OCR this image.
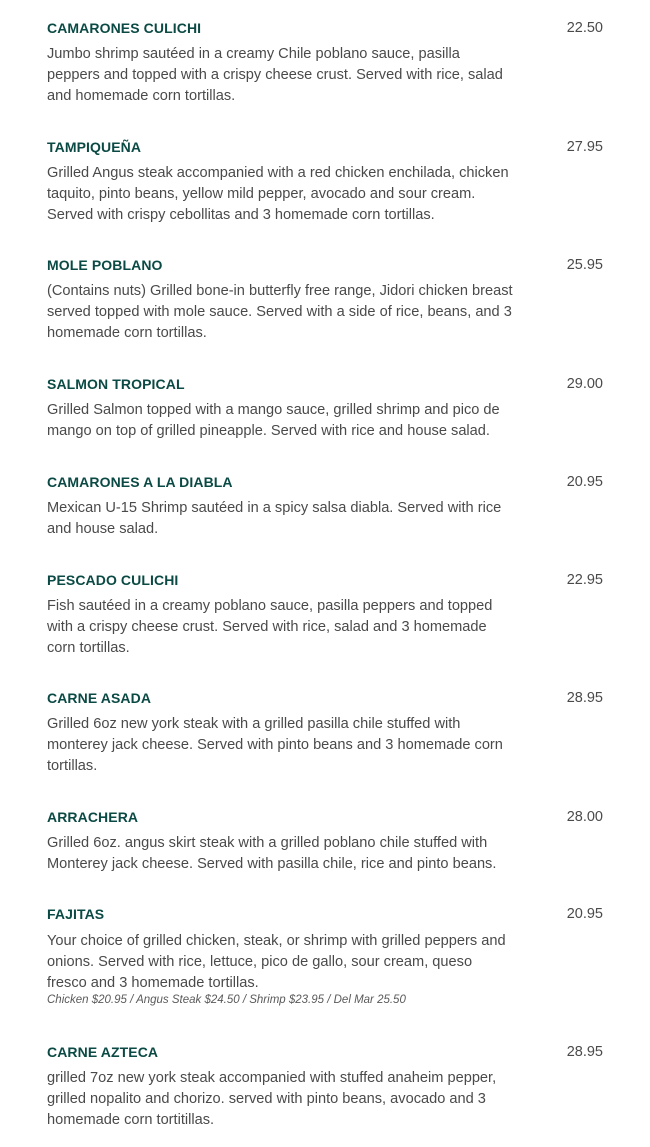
CAMARONES CULICHI	22.50
Jumbo shrimp sautéed in a creamy Chile poblano sauce, pasilla
peppers and topped with a crispy cheese crust. Served with rice, salad
and homemade corn tortillas.
TAMPIQUEÑA	27.95
Grilled Angus steak accompanied with a red chicken enchilada, chicken
taquito, pinto beans, yellow mild pepper, avocado and sour cream.
Served with crispy cebollitas and 3 homemade corn tortillas.
MOLE POBLANO	25.95
(Contains nuts) Grilled bone-in butterfly free range, Jidori chicken breast
served topped with mole sauce. Served with a side of rice, beans, and 3
homemade corn tortillas.
SALMON TROPICAL	29.00
Grilled Salmon topped with a mango sauce, grilled shrimp and pico de
mango on top of grilled pineapple. Served with rice and house salad.
CAMARONES A LA DIABLA	20.95
Mexican U-15 Shrimp sautéed in a spicy salsa diabla. Served with rice
and house salad.
PESCADO CULICHI	22.95
Fish sautéed in a creamy poblano sauce, pasilla peppers and topped
with a crispy cheese crust. Served with rice, salad and 3 homemade
corn tortillas.
CARNE ASADA	28.95
Grilled 6oz new york steak with a grilled pasilla chile stuffed with
monterey jack cheese. Served with pinto beans and 3 homemade corn
tortillas.
ARRACHERA	28.00
Grilled 6oz. angus skirt steak with a grilled poblano chile stuffed with
Monterey jack cheese. Served with pasilla chile, rice and pinto beans.
FAJITAS	20.95
Your choice of grilled chicken, steak, or shrimp with grilled peppers and
onions. Served with rice, lettuce, pico de gallo, sour cream, queso
fresco and 3 homemade tortillas.
Chicken $20.95 / Angus Steak $24.50 / Shrimp $23.95 / Del Mar 25.50
CARNE AZTECA	28.95
grilled 7oz new york steak accompanied with stuffed anaheim pepper,
grilled nopalito and chorizo. served with pinto beans, avocado and 3
homemade corn tortitillas.
